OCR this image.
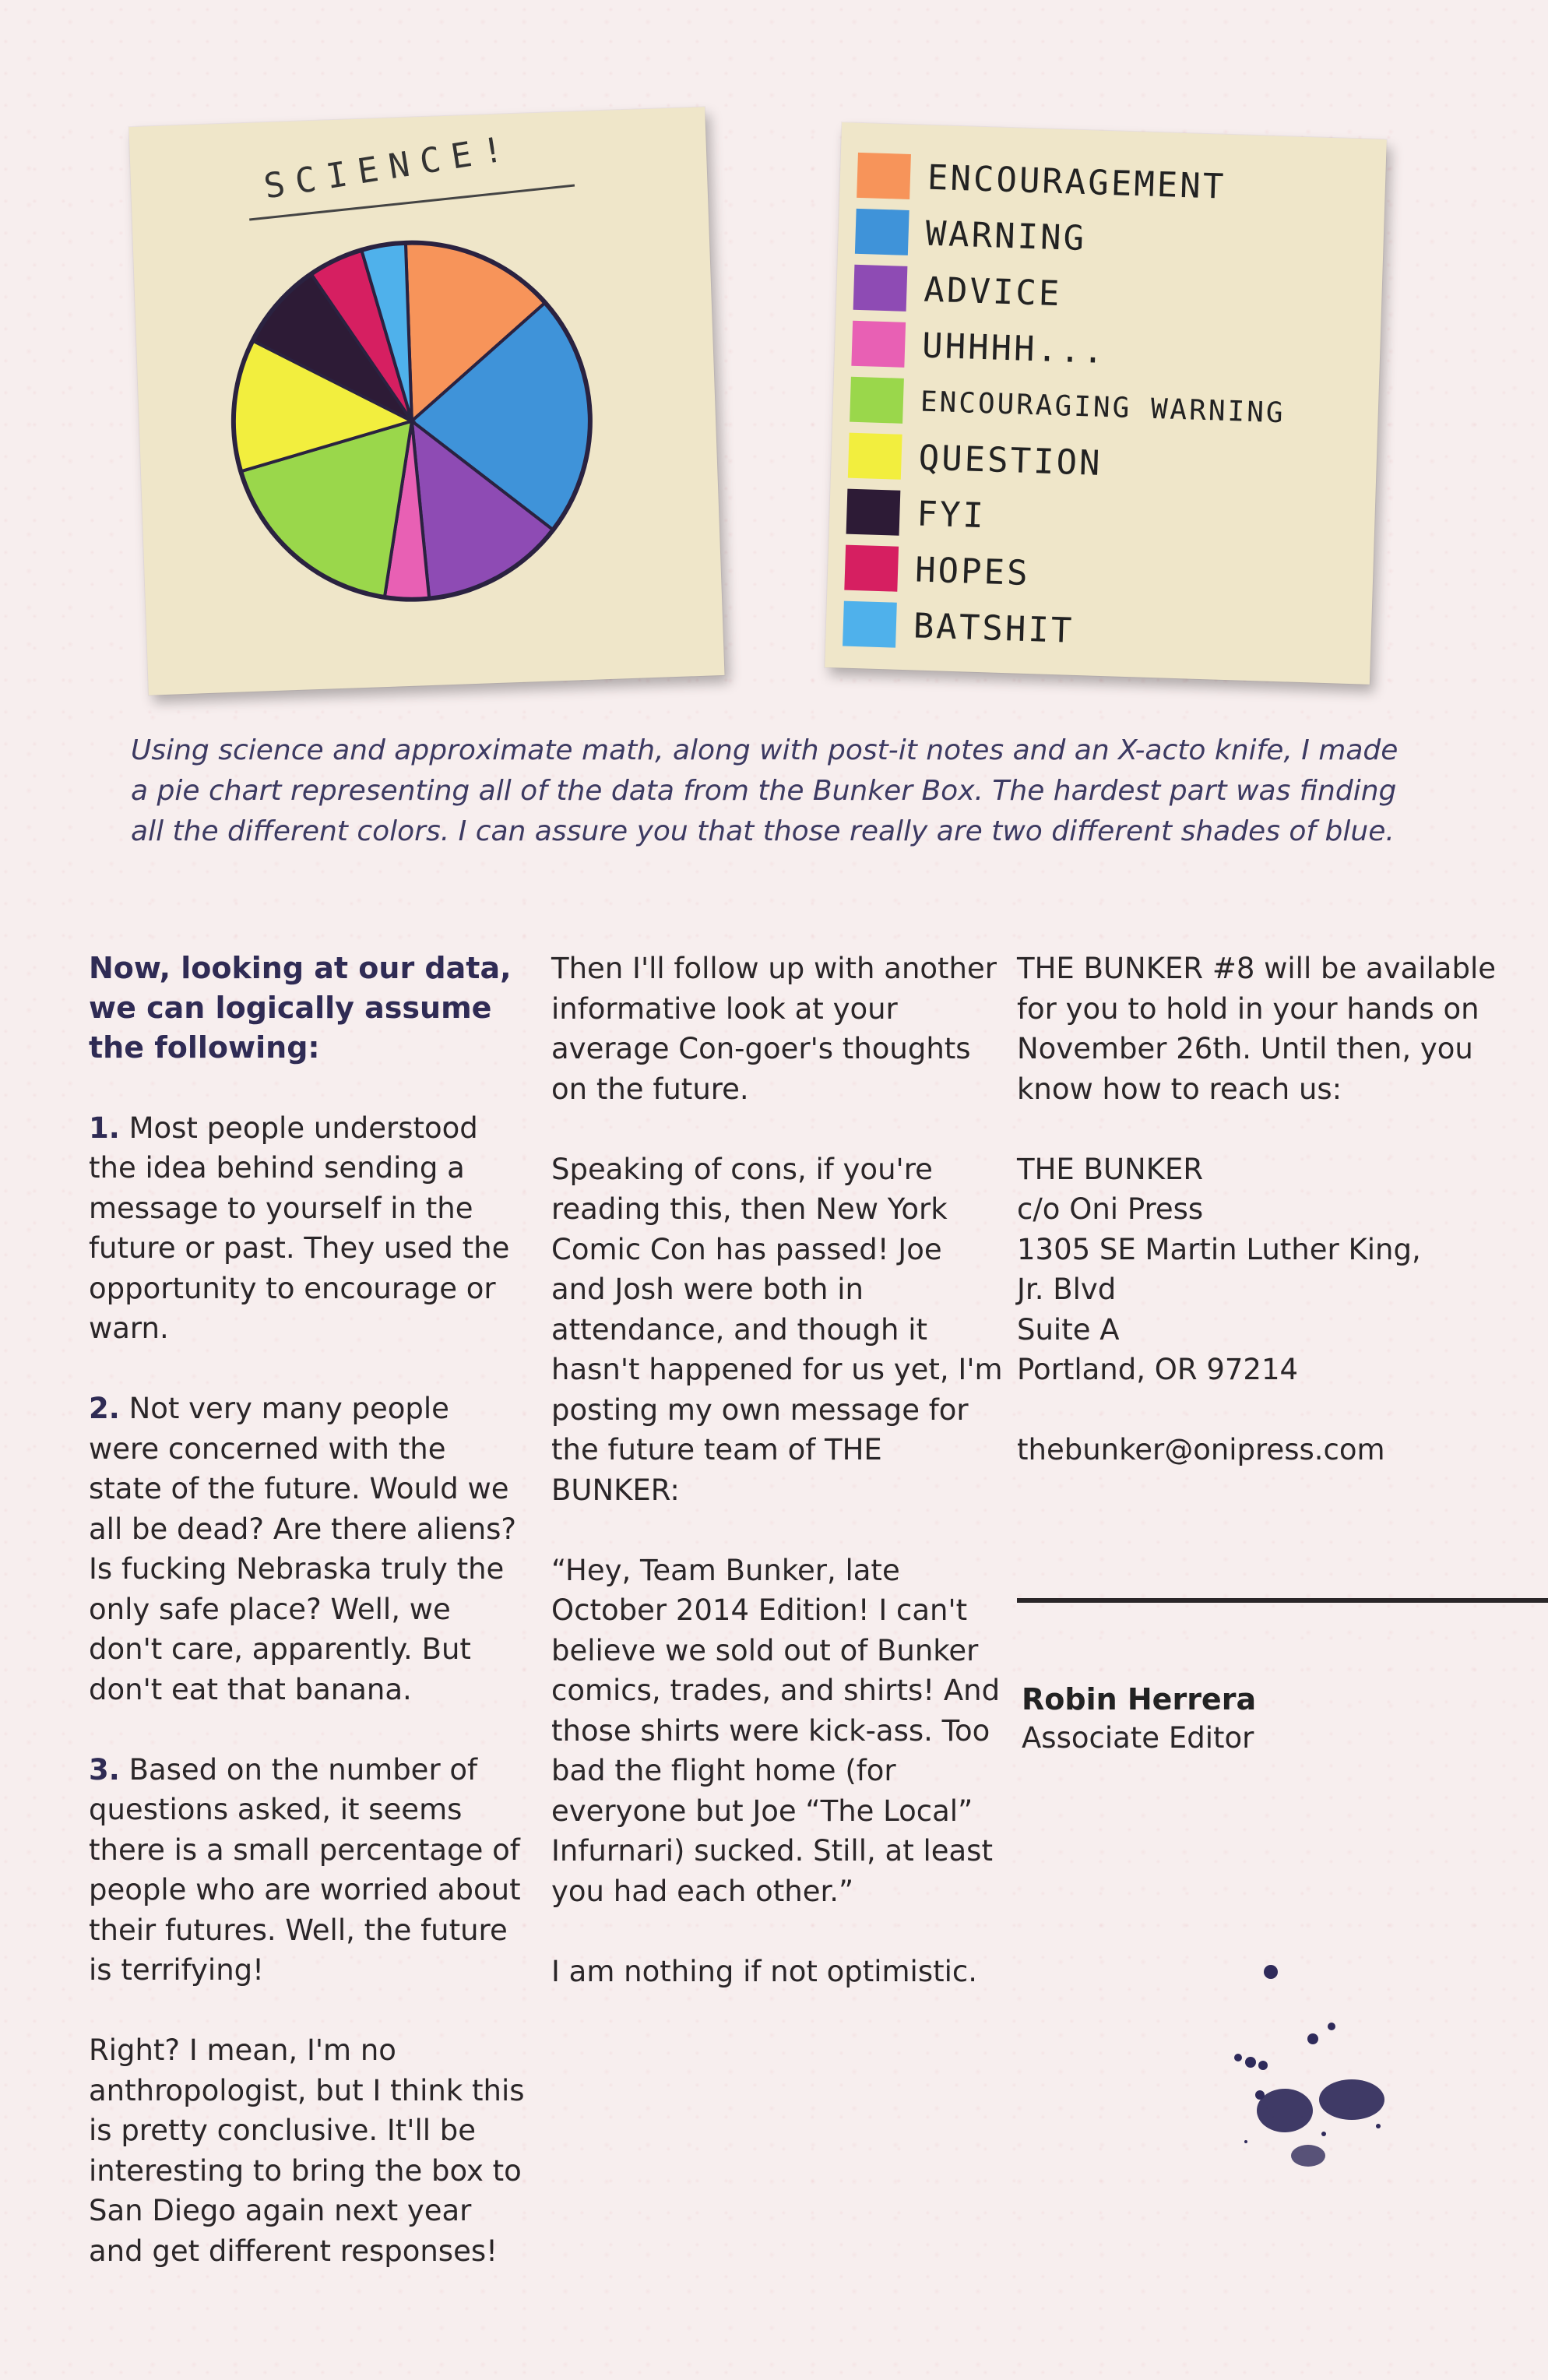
SCIENCE!	ENCOURAGEMENT
WARNING
ADVICE
UHHHH...
ENCOURAGING WARNING
QUESTION
FYI
HOPES
BATSHIT
Using science and approximate math, along with post-it notes and an X-acto knife, I made a pie chart representing all of the data from the Bunker Box. The hardest part was finding all the different colors. I can assure you that those really are two different shades of blue.

Now, looking at our data, we can logically assume the following:

1. Most people understood the idea behind sending a message to yourself in the future or past. They used the opportunity to encourage or warn.

2. Not very many people were concerned with the state of the future. Would we all be dead? Are there aliens? Is fucking Nebraska truly the only safe place? Well, we don't care, apparently. But don't eat that banana.

3. Based on the number of questions asked, it seems there is a small percentage of people who are worried about their futures. Well, the future is terrifying!

Right? I mean, I'm no anthropologist, but I think this is pretty conclusive. It'll be interesting to bring the box to San Diego again next year and get different responses!

Then I'll follow up with another informative look at your average Con-goer's thoughts on the future.

Speaking of cons, if you're reading this, then New York Comic Con has passed! Joe and Josh were both in attendance, and though it hasn't happened for us yet, I'm posting my own message for the future team of THE BUNKER:

“Hey, Team Bunker, late October 2014 Edition! I can't believe we sold out of Bunker comics, trades, and shirts! And those shirts were kick-ass. Too bad the flight home (for everyone but Joe “The Local” Infurnari) sucked. Still, at least you had each other.”

I am nothing if not optimistic.

THE BUNKER #8 will be available for you to hold in your hands on November 26th. Until then, you know how to reach us:

THE BUNKER
c/o Oni Press
1305 SE Martin Luther King,
Jr. Blvd
Suite A
Portland, OR 97214

thebunker@onipress.com

Robin Herrera
Associate Editor
